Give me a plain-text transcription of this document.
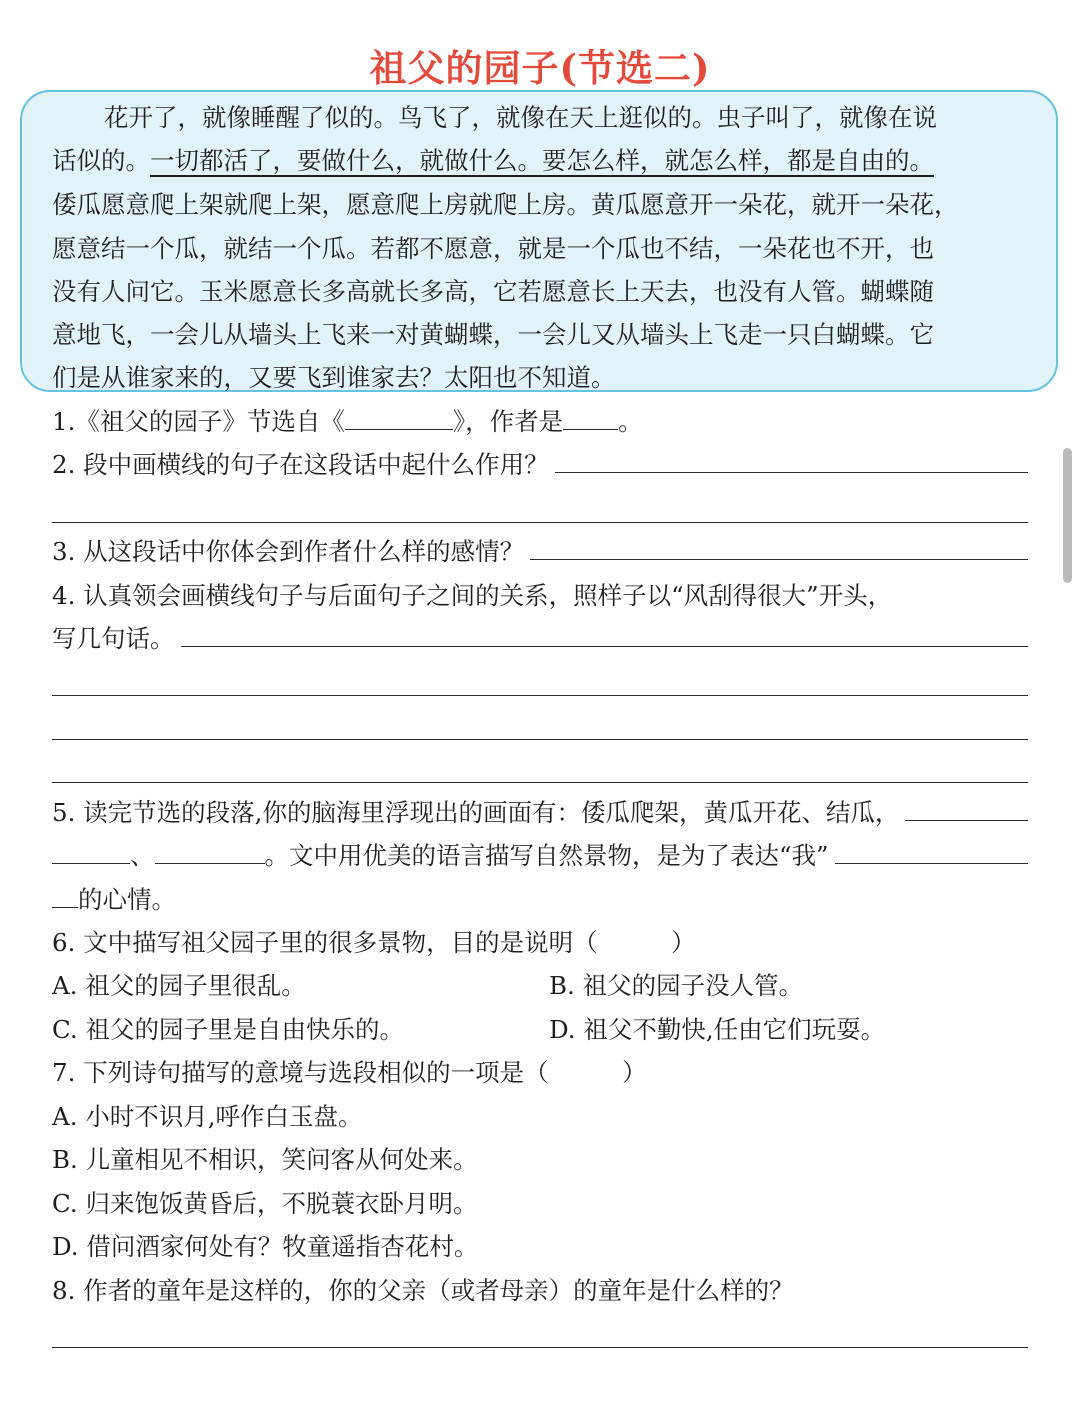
祖父的园子(节选二)
花开了，就像睡醒了似的。鸟飞了，就像在天上逛似的。虫子叫了，就像在说
话似的。一切都活了，要做什么，就做什么。要怎么样，就怎么样，都是自由的。
倭瓜愿意爬上架就爬上架，愿意爬上房就爬上房。黄瓜愿意开一朵花，就开一朵花，
愿意结一个瓜，就结一个瓜。若都不愿意，就是一个瓜也不结，一朵花也不开，也
没有人问它。玉米愿意长多高就长多高，它若愿意长上天去，也没有人管。蝴蝶随
意地飞，一会儿从墙头上飞来一对黄蝴蝶，一会儿又从墙头上飞走一只白蝴蝶。它
们是从谁家来的，又要飞到谁家去？太阳也不知道。
1.《祖父的园子》节选自《	》，作者是 。
2. 段中画横线的句子在这段话中起什么作用？
3. 从这段话中你体会到作者什么样的感情？
4. 认真领会画横线句子与后面句子之间的关系，照样子以“风刮得很大”开头，
写几句话。
5. 读完节选的段落,你的脑海里浮现出的画面有：倭瓜爬架，黄瓜开花、结瓜，
、	。文中用优美的语言描写自然景物，是为了表达“我”
的心情。
6. 文中描写祖父园子里的很多景物，目的是说明（　　　）
A. 祖父的园子里很乱。	B. 祖父的园子没人管。
C. 祖父的园子里是自由快乐的。	D. 祖父不勤快,任由它们玩耍。
7. 下列诗句描写的意境与选段相似的一项是（　　　）
A. 小时不识月,呼作白玉盘。
B. 儿童相见不相识，笑问客从何处来。
C. 归来饱饭黄昏后，不脱蓑衣卧月明。
D. 借问酒家何处有？牧童遥指杏花村。
8. 作者的童年是这样的，你的父亲（或者母亲）的童年是什么样的？
